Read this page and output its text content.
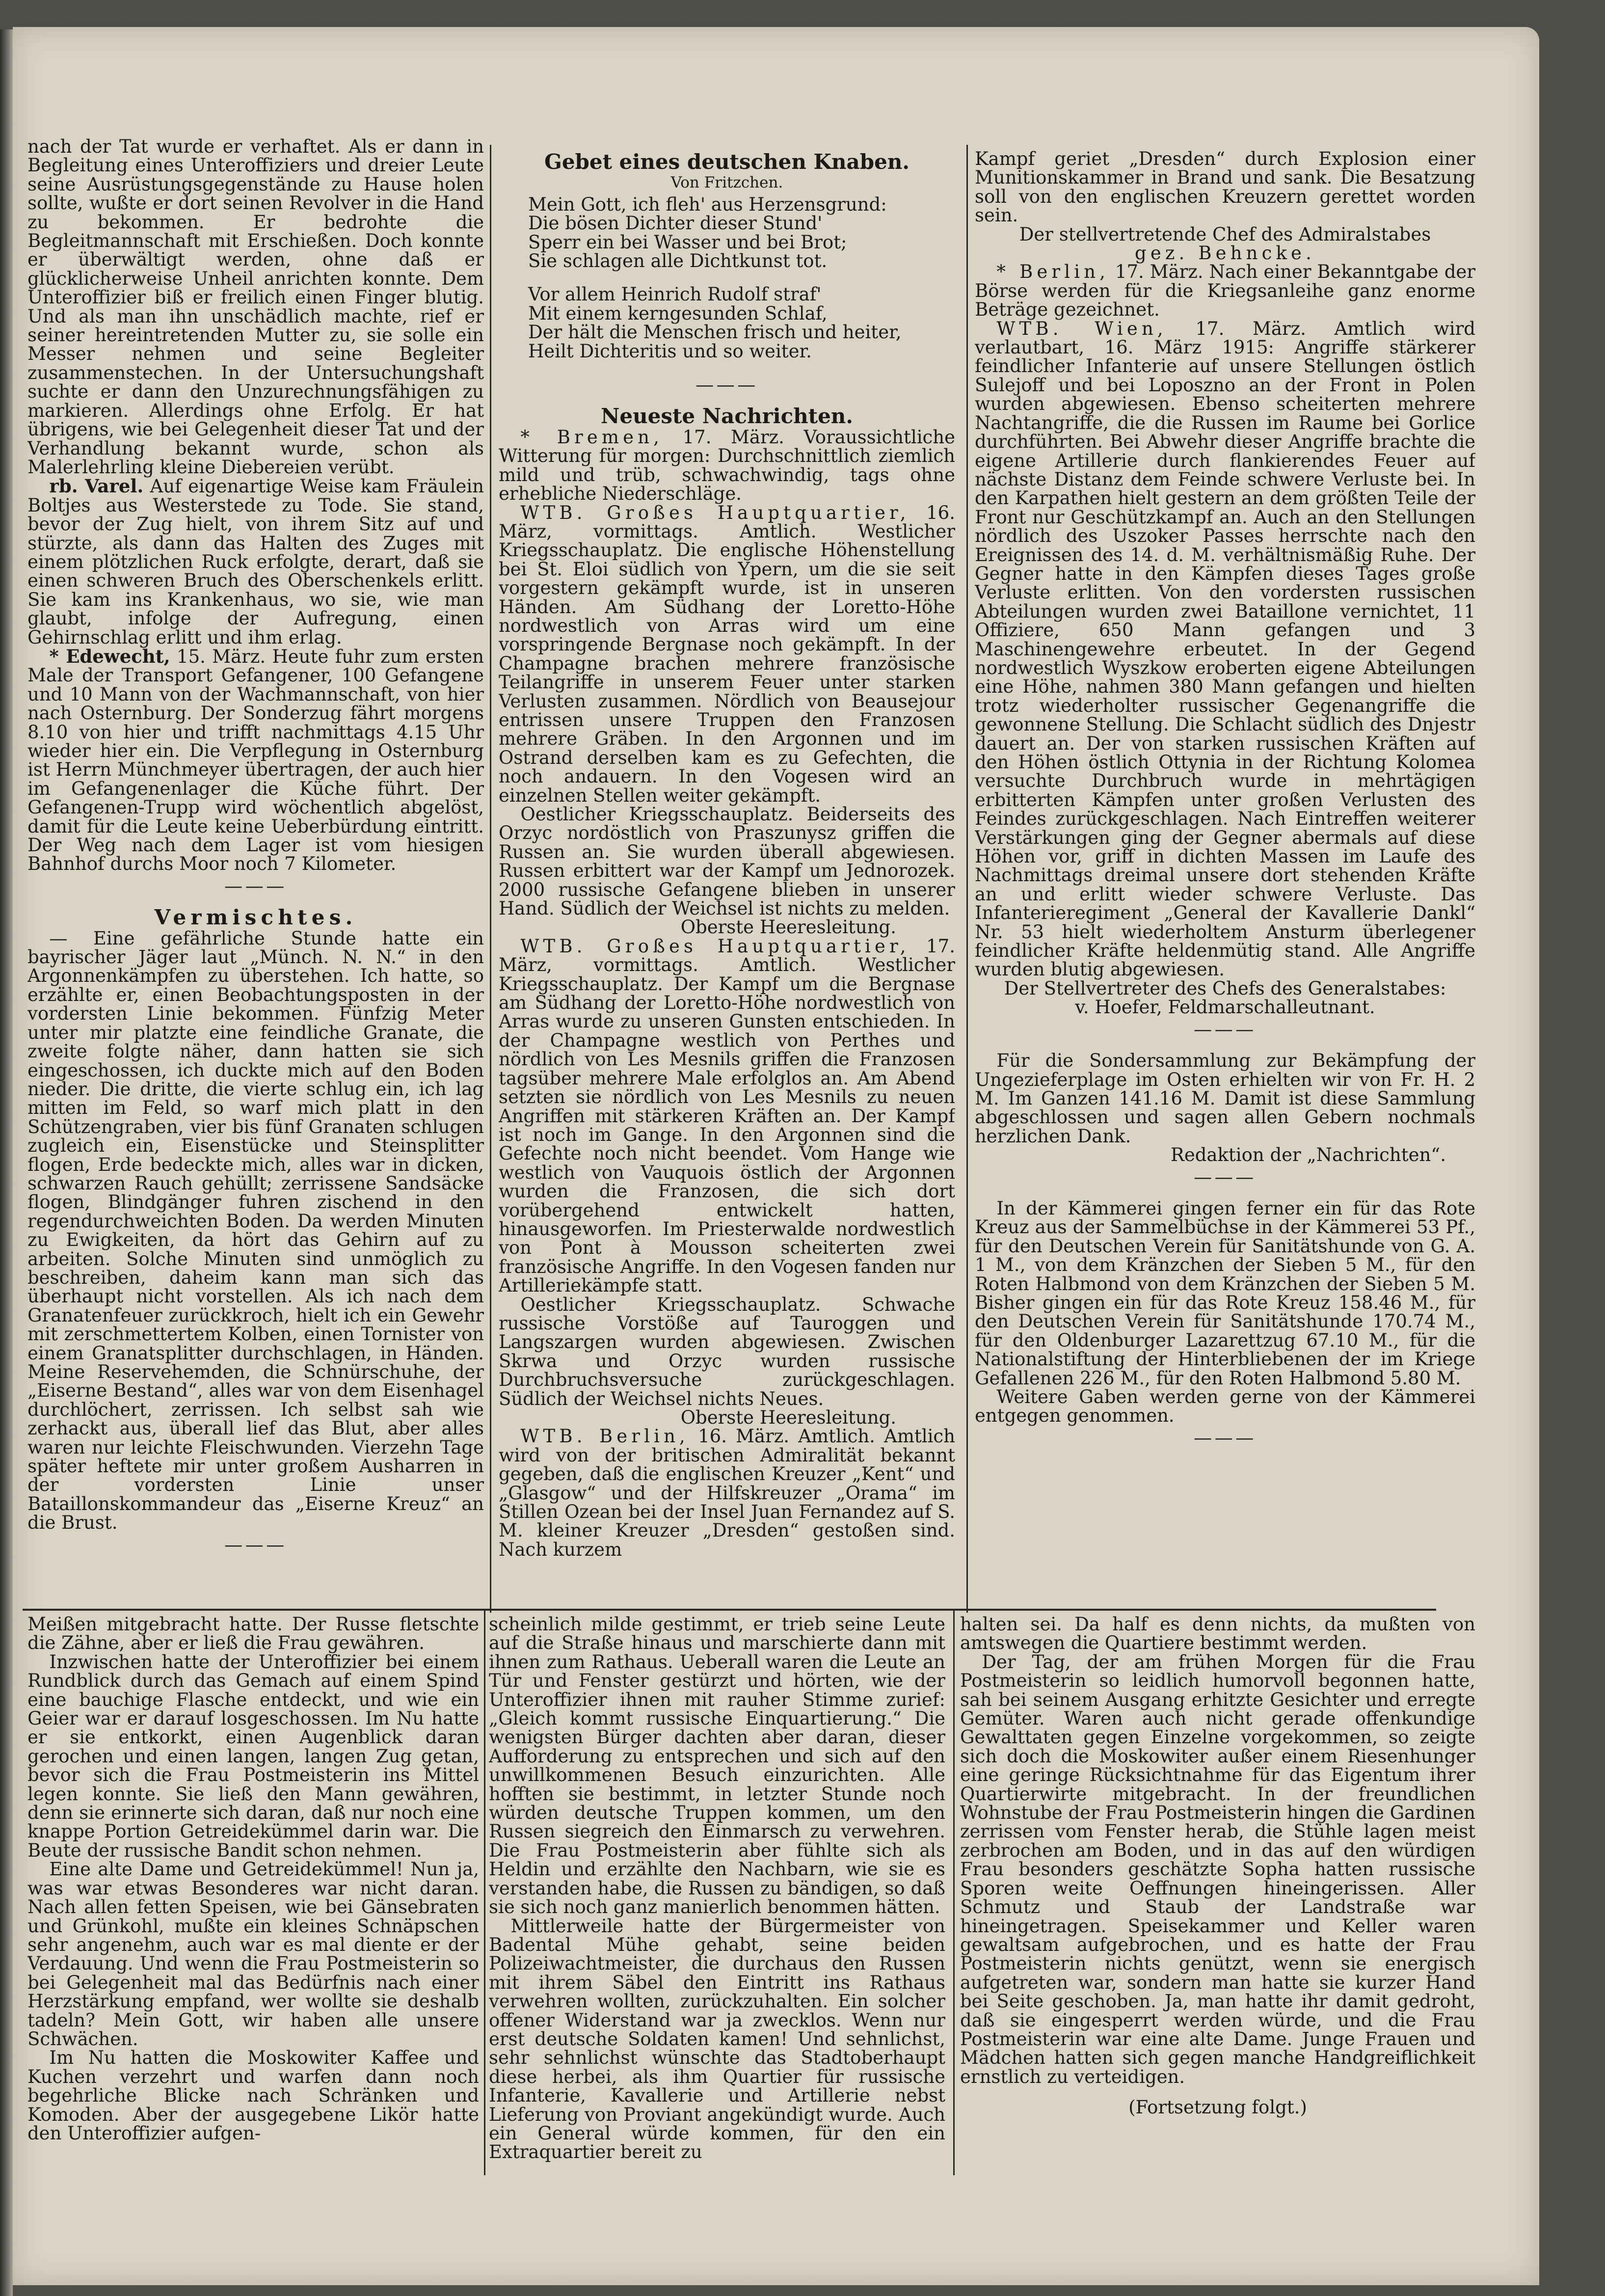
nach der Tat wurde er verhaftet. Als er dann in Begleitung eines Unteroffiziers und dreier Leute seine Ausrüstungsgegenstände zu Hause holen sollte, wußte er dort seinen Revolver in die Hand zu bekommen. Er bedrohte die Begleitmannschaft mit Erschießen. Doch konnte er überwältigt werden, ohne daß er glücklicherweise Unheil anrichten konnte. Dem Unteroffizier biß er freilich einen Finger blutig. Und als man ihn unschädlich machte, rief er seiner hereintretenden Mutter zu, sie solle ein Messer nehmen und seine Begleiter zusammenstechen. In der Untersuchungshaft suchte er dann den Unzurechnungsfähigen zu markieren. Allerdings ohne Erfolg. Er hat übrigens, wie bei Gelegenheit dieser Tat und der Verhandlung bekannt wurde, schon als Malerlehrling kleine Diebereien verübt.

rb. Varel. Auf eigenartige Weise kam Fräulein Boltjes aus Westerstede zu Tode. Sie stand, bevor der Zug hielt, von ihrem Sitz auf und stürzte, als dann das Halten des Zuges mit einem plötzlichen Ruck erfolgte, derart, daß sie einen schweren Bruch des Oberschenkels erlitt. Sie kam ins Krankenhaus, wo sie, wie man glaubt, infolge der Aufregung, einen Gehirnschlag erlitt und ihm erlag.

* Edewecht, 15. März. Heute fuhr zum ersten Male der Transport Gefangener, 100 Gefangene und 10 Mann von der Wachmannschaft, von hier nach Osternburg. Der Sonderzug fährt morgens 8.10 von hier und trifft nachmittags 4.15 Uhr wieder hier ein. Die Verpflegung in Osternburg ist Herrn Münchmeyer übertragen, der auch hier im Gefangenenlager die Küche führt. Der Gefangenen-Trupp wird wöchentlich abgelöst, damit für die Leute keine Ueberbürdung eintritt. Der Weg nach dem Lager ist vom hiesigen Bahnhof durchs Moor noch 7 Kilometer.

———
Vermischtes.

— Eine gefährliche Stunde hatte ein bayrischer Jäger laut „Münch. N. N.“ in den Argonnenkämpfen zu überstehen. Ich hatte, so erzählte er, einen Beobachtungsposten in der vordersten Linie bekommen. Fünfzig Meter unter mir platzte eine feindliche Granate, die zweite folgte näher, dann hatten sie sich eingeschossen, ich duckte mich auf den Boden nieder. Die dritte, die vierte schlug ein, ich lag mitten im Feld, so warf mich platt in den Schützengraben, vier bis fünf Granaten schlugen zugleich ein, Eisenstücke und Steinsplitter flogen, Erde bedeckte mich, alles war in dicken, schwarzen Rauch gehüllt; zerrissene Sandsäcke flogen, Blindgänger fuhren zischend in den regendurchweichten Boden. Da werden Minuten zu Ewigkeiten, da hört das Gehirn auf zu arbeiten. Solche Minuten sind unmöglich zu beschreiben, daheim kann man sich das überhaupt nicht vorstellen. Als ich nach dem Granatenfeuer zurückkroch, hielt ich ein Gewehr mit zerschmettertem Kolben, einen Tornister von einem Granatsplitter durchschlagen, in Händen. Meine Reservehemden, die Schnürschuhe, der „Eiserne Bestand“, alles war von dem Eisenhagel durchlöchert, zerrissen. Ich selbst sah wie zerhackt aus, überall lief das Blut, aber alles waren nur leichte Fleischwunden. Vierzehn Tage später heftete mir unter großem Ausharren in der vordersten Linie unser Bataillonskommandeur das „Eiserne Kreuz“ an die Brust.

———
Gebet eines deutschen Knaben.
Von Fritzchen.

Mein Gott, ich fleh' aus Herzensgrund:

Die bösen Dichter dieser Stund'

Sperr ein bei Wasser und bei Brot;

Sie schlagen alle Dichtkunst tot.

Vor allem Heinrich Rudolf straf'

Mit einem kerngesunden Schlaf,

Der hält die Menschen frisch und heiter,

Heilt Dichteritis und so weiter.

———
Neueste Nachrichten.

* Bremen, 17. März. Voraussichtliche Witterung für morgen: Durchschnittlich ziemlich mild und trüb, schwachwindig, tags ohne erhebliche Niederschläge.

WTB. Großes Hauptquartier, 16. März, vormittags. Amtlich. Westlicher Kriegsschauplatz. Die englische Höhenstellung bei St. Eloi südlich von Ypern, um die sie seit vorgestern gekämpft wurde, ist in unseren Händen. Am Südhang der Loretto-Höhe nordwestlich von Arras wird um eine vorspringende Bergnase noch gekämpft. In der Champagne brachen mehrere französische Teilangriffe in unserem Feuer unter starken Verlusten zusammen. Nördlich von Beausejour entrissen unsere Truppen den Franzosen mehrere Gräben. In den Argonnen und im Ostrand derselben kam es zu Gefechten, die noch andauern. In den Vogesen wird an einzelnen Stellen weiter gekämpft.

Oestlicher Kriegsschauplatz. Beiderseits des Orzyc nordöstlich von Praszunysz griffen die Russen an. Sie wurden überall abgewiesen. Russen erbittert war der Kampf um Jednorozek. 2000 russische Gefangene blieben in unserer Hand. Südlich der Weichsel ist nichts zu melden.

Oberste Heeresleitung.

WTB. Großes Hauptquartier, 17. März, vormittags. Amtlich. Westlicher Kriegsschauplatz. Der Kampf um die Bergnase am Südhang der Loretto-Höhe nordwestlich von Arras wurde zu unseren Gunsten entschieden. In der Champagne westlich von Perthes und nördlich von Les Mesnils griffen die Franzosen tagsüber mehrere Male erfolglos an. Am Abend setzten sie nördlich von Les Mesnils zu neuen Angriffen mit stärkeren Kräften an. Der Kampf ist noch im Gange. In den Argonnen sind die Gefechte noch nicht beendet. Vom Hange wie westlich von Vauquois östlich der Argonnen wurden die Franzosen, die sich dort vorübergehend entwickelt hatten, hinausgeworfen. Im Priesterwalde nordwestlich von Pont à Mousson scheiterten zwei französische Angriffe. In den Vogesen fanden nur Artilleriekämpfe statt.

Oestlicher Kriegsschauplatz. Schwache russische Vorstöße auf Tauroggen und Langszargen wurden abgewiesen. Zwischen Skrwa und Orzyc wurden russische Durchbruchsversuche zurückgeschlagen. Südlich der Weichsel nichts Neues.

Oberste Heeresleitung.

WTB. Berlin, 16. März. Amtlich. Amtlich wird von der britischen Admiralität bekannt gegeben, daß die englischen Kreuzer „Kent“ und „Glasgow“ und der Hilfskreuzer „Orama“ im Stillen Ozean bei der Insel Juan Fernandez auf S. M. kleiner Kreuzer „Dresden“ gestoßen sind. Nach kurzem

Kampf geriet „Dresden“ durch Explosion einer Munitionskammer in Brand und sank. Die Besatzung soll von den englischen Kreuzern gerettet worden sein.

Der stellvertretende Chef des Admiralstabes

gez. Behncke.

* Berlin, 17. März. Nach einer Bekanntgabe der Börse werden für die Kriegsanleihe ganz enorme Beträge gezeichnet.

WTB. Wien, 17. März. Amtlich wird verlautbart, 16. März 1915: Angriffe stärkerer feindlicher Infanterie auf unsere Stellungen östlich Sulejoff und bei Loposzno an der Front in Polen wurden abgewiesen. Ebenso scheiterten mehrere Nachtangriffe, die die Russen im Raume bei Gorlice durchführten. Bei Abwehr dieser Angriffe brachte die eigene Artillerie durch flankierendes Feuer auf nächste Distanz dem Feinde schwere Verluste bei. In den Karpathen hielt gestern an dem größten Teile der Front nur Geschützkampf an. Auch an den Stellungen nördlich des Uszoker Passes herrschte nach den Ereignissen des 14. d. M. verhältnismäßig Ruhe. Der Gegner hatte in den Kämpfen dieses Tages große Verluste erlitten. Von den vordersten russischen Abteilungen wurden zwei Bataillone vernichtet, 11 Offiziere, 650 Mann gefangen und 3 Maschinengewehre erbeutet. In der Gegend nordwestlich Wyszkow eroberten eigene Abteilungen eine Höhe, nahmen 380 Mann gefangen und hielten trotz wiederholter russischer Gegenangriffe die gewonnene Stellung. Die Schlacht südlich des Dnjestr dauert an. Der von starken russischen Kräften auf den Höhen östlich Ottynia in der Richtung Kolomea versuchte Durchbruch wurde in mehrtägigen erbitterten Kämpfen unter großen Verlusten des Feindes zurückgeschlagen. Nach Eintreffen weiterer Verstärkungen ging der Gegner abermals auf diese Höhen vor, griff in dichten Massen im Laufe des Nachmittags dreimal unsere dort stehenden Kräfte an und erlitt wieder schwere Verluste. Das Infanterieregiment „General der Kavallerie Dankl“ Nr. 53 hielt wiederholtem Ansturm überlegener feindlicher Kräfte heldenmütig stand. Alle Angriffe wurden blutig abgewiesen.

Der Stellvertreter des Chefs des Generalstabes:

v. Hoefer, Feldmarschalleutnant.

———

Für die Sondersammlung zur Bekämpfung der Ungezieferplage im Osten erhielten wir von Fr. H. 2 M. Im Ganzen 141.16 M. Damit ist diese Sammlung abgeschlossen und sagen allen Gebern nochmals herzlichen Dank.

Redaktion der „Nachrichten“.

———

In der Kämmerei gingen ferner ein für das Rote Kreuz aus der Sammelbüchse in der Kämmerei 53 Pf., für den Deutschen Verein für Sanitätshunde von G. A. 1 M., von dem Kränzchen der Sieben 5 M., für den Roten Halbmond von dem Kränzchen der Sieben 5 M. Bisher gingen ein für das Rote Kreuz 158.46 M., für den Deutschen Verein für Sanitätshunde 170.74 M., für den Oldenburger Lazarettzug 67.10 M., für die Nationalstiftung der Hinterbliebenen der im Kriege Gefallenen 226 M., für den Roten Halbmond 5.80 M.

Weitere Gaben werden gerne von der Kämmerei entgegen genommen.

———

Meißen mitgebracht hatte. Der Russe fletschte die Zähne, aber er ließ die Frau gewähren.

Inzwischen hatte der Unteroffizier bei einem Rundblick durch das Gemach auf einem Spind eine bauchige Flasche entdeckt, und wie ein Geier war er darauf losgeschossen. Im Nu hatte er sie entkorkt, einen Augenblick daran gerochen und einen langen, langen Zug getan, bevor sich die Frau Postmeisterin ins Mittel legen konnte. Sie ließ den Mann gewähren, denn sie erinnerte sich daran, daß nur noch eine knappe Portion Getreidekümmel darin war. Die Beute der russische Bandit schon nehmen.

Eine alte Dame und Getreidekümmel! Nun ja, was war etwas Besonderes war nicht daran. Nach allen fetten Speisen, wie bei Gänsebraten und Grünkohl, mußte ein kleines Schnäpschen sehr angenehm, auch war es mal diente er der Verdauung. Und wenn die Frau Postmeisterin so bei Gelegenheit mal das Bedürfnis nach einer Herzstärkung empfand, wer wollte sie deshalb tadeln? Mein Gott, wir haben alle unsere Schwächen.

Im Nu hatten die Moskowiter Kaffee und Kuchen verzehrt und warfen dann noch begehrliche Blicke nach Schränken und Komoden. Aber der ausgegebene Likör hatte den Unteroffizier aufgen-

scheinlich milde gestimmt, er trieb seine Leute auf die Straße hinaus und marschierte dann mit ihnen zum Rathaus. Ueberall waren die Leute an Tür und Fenster gestürzt und hörten, wie der Unteroffizier ihnen mit rauher Stimme zurief: „Gleich kommt russische Einquartierung.“ Die wenigsten Bürger dachten aber daran, dieser Aufforderung zu entsprechen und sich auf den unwillkommenen Besuch einzurichten. Alle hofften sie bestimmt, in letzter Stunde noch würden deutsche Truppen kommen, um den Russen siegreich den Einmarsch zu verwehren. Die Frau Postmeisterin aber fühlte sich als Heldin und erzählte den Nachbarn, wie sie es verstanden habe, die Russen zu bändigen, so daß sie sich noch ganz manierlich benommen hätten.

Mittlerweile hatte der Bürgermeister von Badental Mühe gehabt, seine beiden Polizeiwachtmeister, die durchaus den Russen mit ihrem Säbel den Eintritt ins Rathaus verwehren wollten, zurückzuhalten. Ein solcher offener Widerstand war ja zwecklos. Wenn nur erst deutsche Soldaten kamen! Und sehnlichst, sehr sehnlichst wünschte das Stadtoberhaupt diese herbei, als ihm Quartier für russische Infanterie, Kavallerie und Artillerie nebst Lieferung von Proviant angekündigt wurde. Auch ein General würde kommen, für den ein Extraquartier bereit zu

halten sei. Da half es denn nichts, da mußten von amtswegen die Quartiere bestimmt werden.

Der Tag, der am frühen Morgen für die Frau Postmeisterin so leidlich humorvoll begonnen hatte, sah bei seinem Ausgang erhitzte Gesichter und erregte Gemüter. Waren auch nicht gerade offenkundige Gewalttaten gegen Einzelne vorgekommen, so zeigte sich doch die Moskowiter außer einem Riesenhunger eine geringe Rücksichtnahme für das Eigentum ihrer Quartierwirte mitgebracht. In der freundlichen Wohnstube der Frau Postmeisterin hingen die Gardinen zerrissen vom Fenster herab, die Stühle lagen meist zerbrochen am Boden, und in das auf den würdigen Frau besonders geschätzte Sopha hatten russische Sporen weite Oeffnungen hineingerissen. Aller Schmutz und Staub der Landstraße war hineingetragen. Speisekammer und Keller waren gewaltsam aufgebrochen, und es hatte der Frau Postmeisterin nichts genützt, wenn sie energisch aufgetreten war, sondern man hatte sie kurzer Hand bei Seite geschoben. Ja, man hatte ihr damit gedroht, daß sie eingesperrt werden würde, und die Frau Postmeisterin war eine alte Dame. Junge Frauen und Mädchen hatten sich gegen manche Handgreiflichkeit ernstlich zu verteidigen.

(Fortsetzung folgt.)
